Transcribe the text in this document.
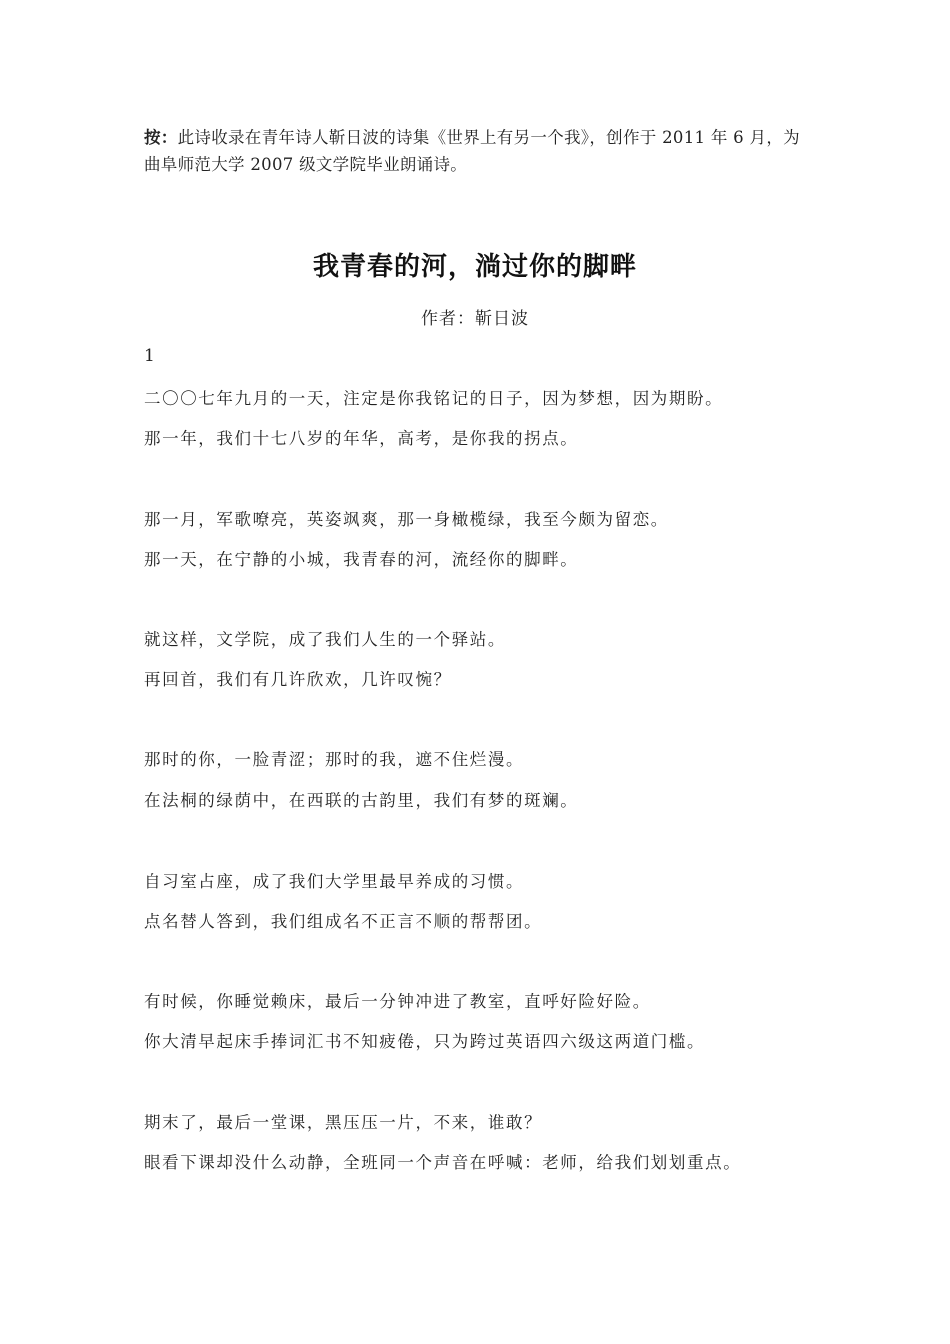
按：此诗收录在青年诗人靳日波的诗集《世界上有另一个我》，创作于 2011 年 6 月，为曲阜师范大学 2007 级文学院毕业朗诵诗。
我青春的河，淌过你的脚畔
作者：靳日波
1
二〇〇七年九月的一天，注定是你我铭记的日子，因为梦想，因为期盼。
那一年，我们十七八岁的年华，高考，是你我的拐点。
那一月，军歌嘹亮，英姿飒爽，那一身橄榄绿，我至今颇为留恋。
那一天，在宁静的小城，我青春的河，流经你的脚畔。
就这样，文学院，成了我们人生的一个驿站。
再回首，我们有几许欣欢，几许叹惋？
那时的你，一脸青涩；那时的我，遮不住烂漫。
在法桐的绿荫中，在西联的古韵里，我们有梦的斑斓。
自习室占座，成了我们大学里最早养成的习惯。
点名替人答到，我们组成名不正言不顺的帮帮团。
有时候，你睡觉赖床，最后一分钟冲进了教室，直呼好险好险。
你大清早起床手捧词汇书不知疲倦，只为跨过英语四六级这两道门槛。
期末了，最后一堂课，黑压压一片，不来，谁敢？
眼看下课却没什么动静，全班同一个声音在呼喊：老师，给我们划划重点。
